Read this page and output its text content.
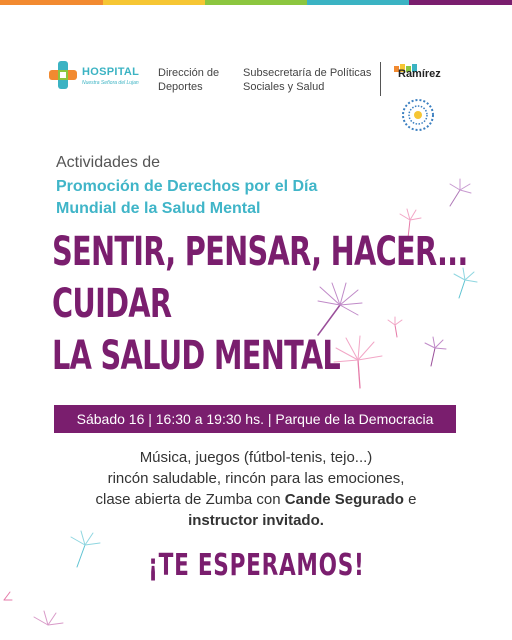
HOSPITAL
Nuestra Señora del Lujan
Dirección de Deportes
Subsecretaría de Políticas Sociales y Salud
Ramírez
Actividades de
Promoción de Derechos por el Día Mundial de la Salud Mental
SENTIR, PENSAR, HACER...
CUIDAR
LA SALUD MENTAL
Sábado 16 | 16:30 a 19:30 hs. | Parque de la Democracia
Música, juegos (fútbol-tenis, tejo...)
rincón saludable, rincón para las emociones,
clase abierta de Zumba con Cande Segurado e
instructor invitado.
¡TE ESPERAMOS!
